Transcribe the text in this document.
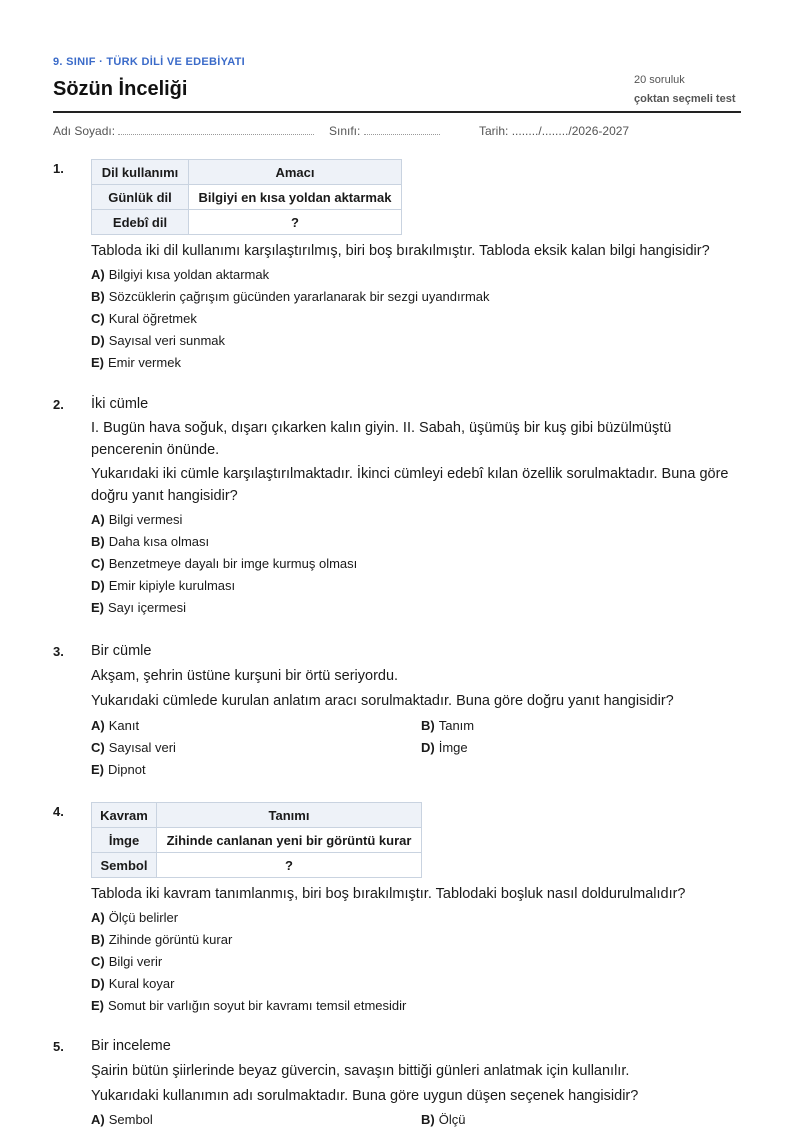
9. SINIF · TÜRK DİLİ VE EDEBİYATI
Sözün İnceliği	20 soruluk
çoktan seçmeli test
Adı Soyadı:	Sınıfı:	Tarih: ......../......../2026-2027
1.	Dil kullanımı	Amacı
Günlük dil	Bilgiyi en kısa yoldan aktarmak
Edebî dil	?
Tabloda iki dil kullanımı karşılaştırılmış, biri boş bırakılmıştır. Tabloda eksik kalan bilgi hangisidir?
A) Bilgiyi kısa yoldan aktarmak
B) Sözcüklerin çağrışım gücünden yararlanarak bir sezgi uyandırmak
C) Kural öğretmek
D) Sayısal veri sunmak
E) Emir vermek
2. İki cümle
I. Bugün hava soğuk, dışarı çıkarken kalın giyin. II. Sabah, üşümüş bir kuş gibi büzülmüştü pencerenin önünde.
Yukarıdaki iki cümle karşılaştırılmaktadır. İkinci cümleyi edebî kılan özellik sorulmaktadır. Buna göre doğru yanıt hangisidir?
A) Bilgi vermesi
B) Daha kısa olması
C) Benzetmeye dayalı bir imge kurmuş olması
D) Emir kipiyle kurulması
E) Sayı içermesi
3. Bir cümle
Akşam, şehrin üstüne kurşuni bir örtü seriyordu.
Yukarıdaki cümlede kurulan anlatım aracı sorulmaktadır. Buna göre doğru yanıt hangisidir?
A) Kanıt	B) Tanım
C) Sayısal veri	D) İmge
E) Dipnot
4.	Kavram	Tanımı
İmge	Zihinde canlanan yeni bir görüntü kurar
Sembol	?
Tabloda iki kavram tanımlanmış, biri boş bırakılmıştır. Tablodaki boşluk nasıl doldurulmalıdır?
A) Ölçü belirler
B) Zihinde görüntü kurar
C) Bilgi verir
D) Kural koyar
E) Somut bir varlığın soyut bir kavramı temsil etmesidir
5. Bir inceleme
Şairin bütün şiirlerinde beyaz güvercin, savaşın bittiği günleri anlatmak için kullanılır.
Yukarıdaki kullanımın adı sorulmaktadır. Buna göre uygun düşen seçenek hangisidir?
A) Sembol	B) Ölçü
